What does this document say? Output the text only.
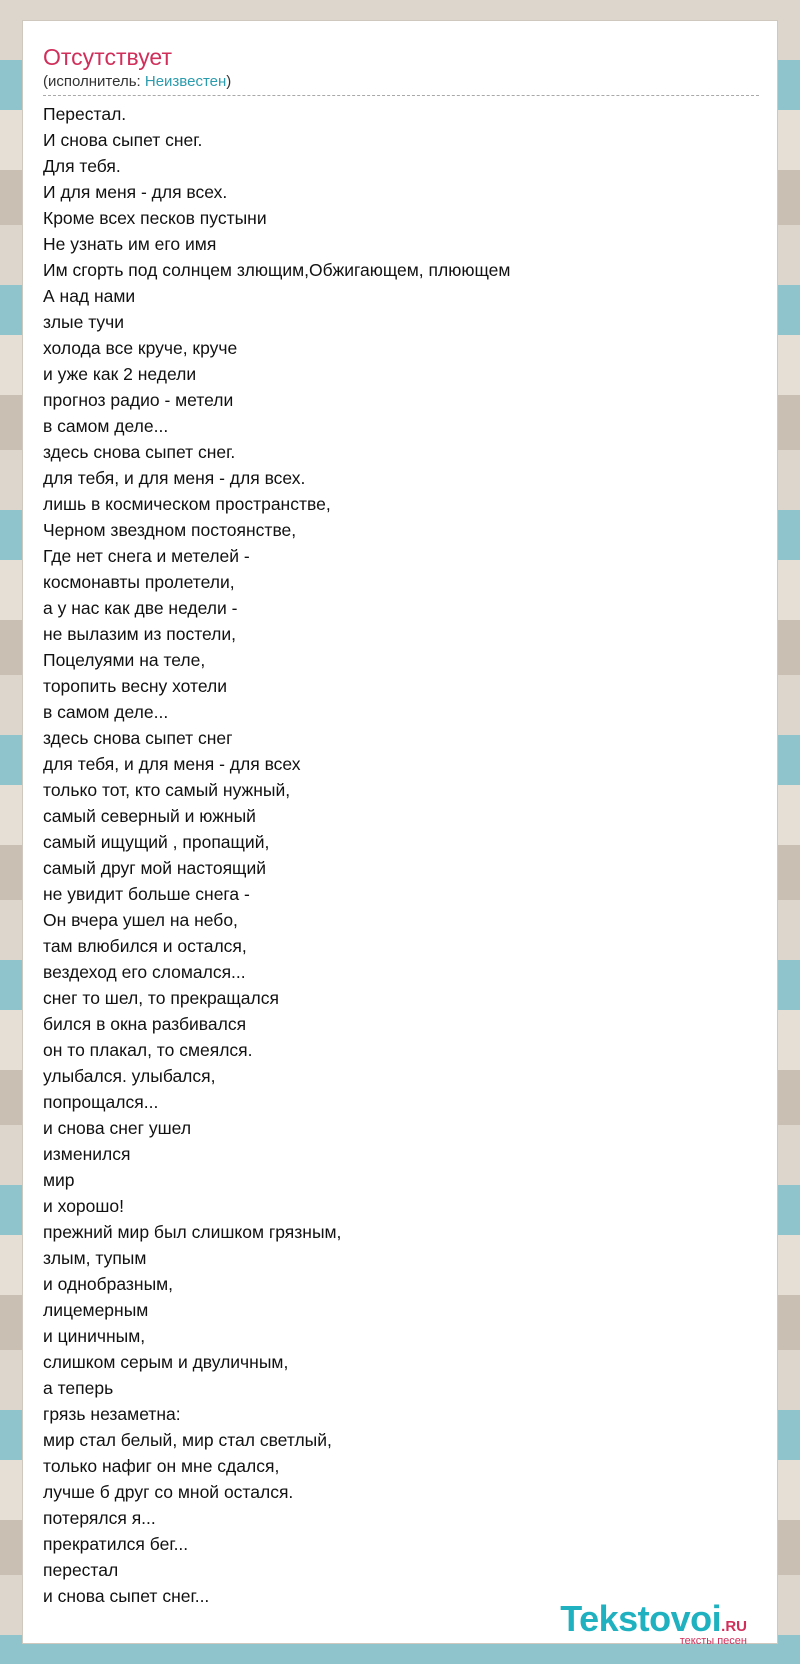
Отсутствует
(исполнитель: Неизвестен)
Перестал.
И снова сыпет снег.
Для тебя.
И для меня - для всех.
Кроме всех песков пустыни
Не узнать им его имя
Им сгорть под солнцем злющим,Обжигающем, плюющем
А над нами
злые тучи
холода все круче, круче
и уже как 2 недели
прогноз радио - метели
в самом деле...
здесь снова сыпет снег.
для тебя, и для меня - для всех.
лишь в космическом пространстве,
Черном звездном постоянстве,
Где нет снега и метелей -
космонавты пролетели,
а у нас как две недели -
не вылазим из постели,
Поцелуями на теле,
торопить весну хотели
в самом деле...
здесь снова сыпет снег
для тебя, и для меня - для всех
только тот, кто самый нужный,
самый северный и южный
самый ищущий , пропащий,
самый друг мой настоящий
не увидит больше снега -
Он вчера ушел на небо,
там влюбился и остался,
вездеход его сломался...
снег то шел, то прекращался
бился в окна разбивался
он то плакал, то смеялся.
улыбался. улыбался,
попрощался...
и снова снег ушел
изменился
мир
и хорошо!
прежний мир был слишком грязным,
злым, тупым
и однобразным,
лицемерным
и циничным,
слишком серым и двуличным,
а теперь
грязь незаметна:
мир стал белый, мир стал светлый,
только нафиг он мне сдался,
лучше б друг со мной остался.
потерялся я...
прекратился бег...
перестал
и снова сыпет снег...
Tekstovoi.RU
тексты песен
